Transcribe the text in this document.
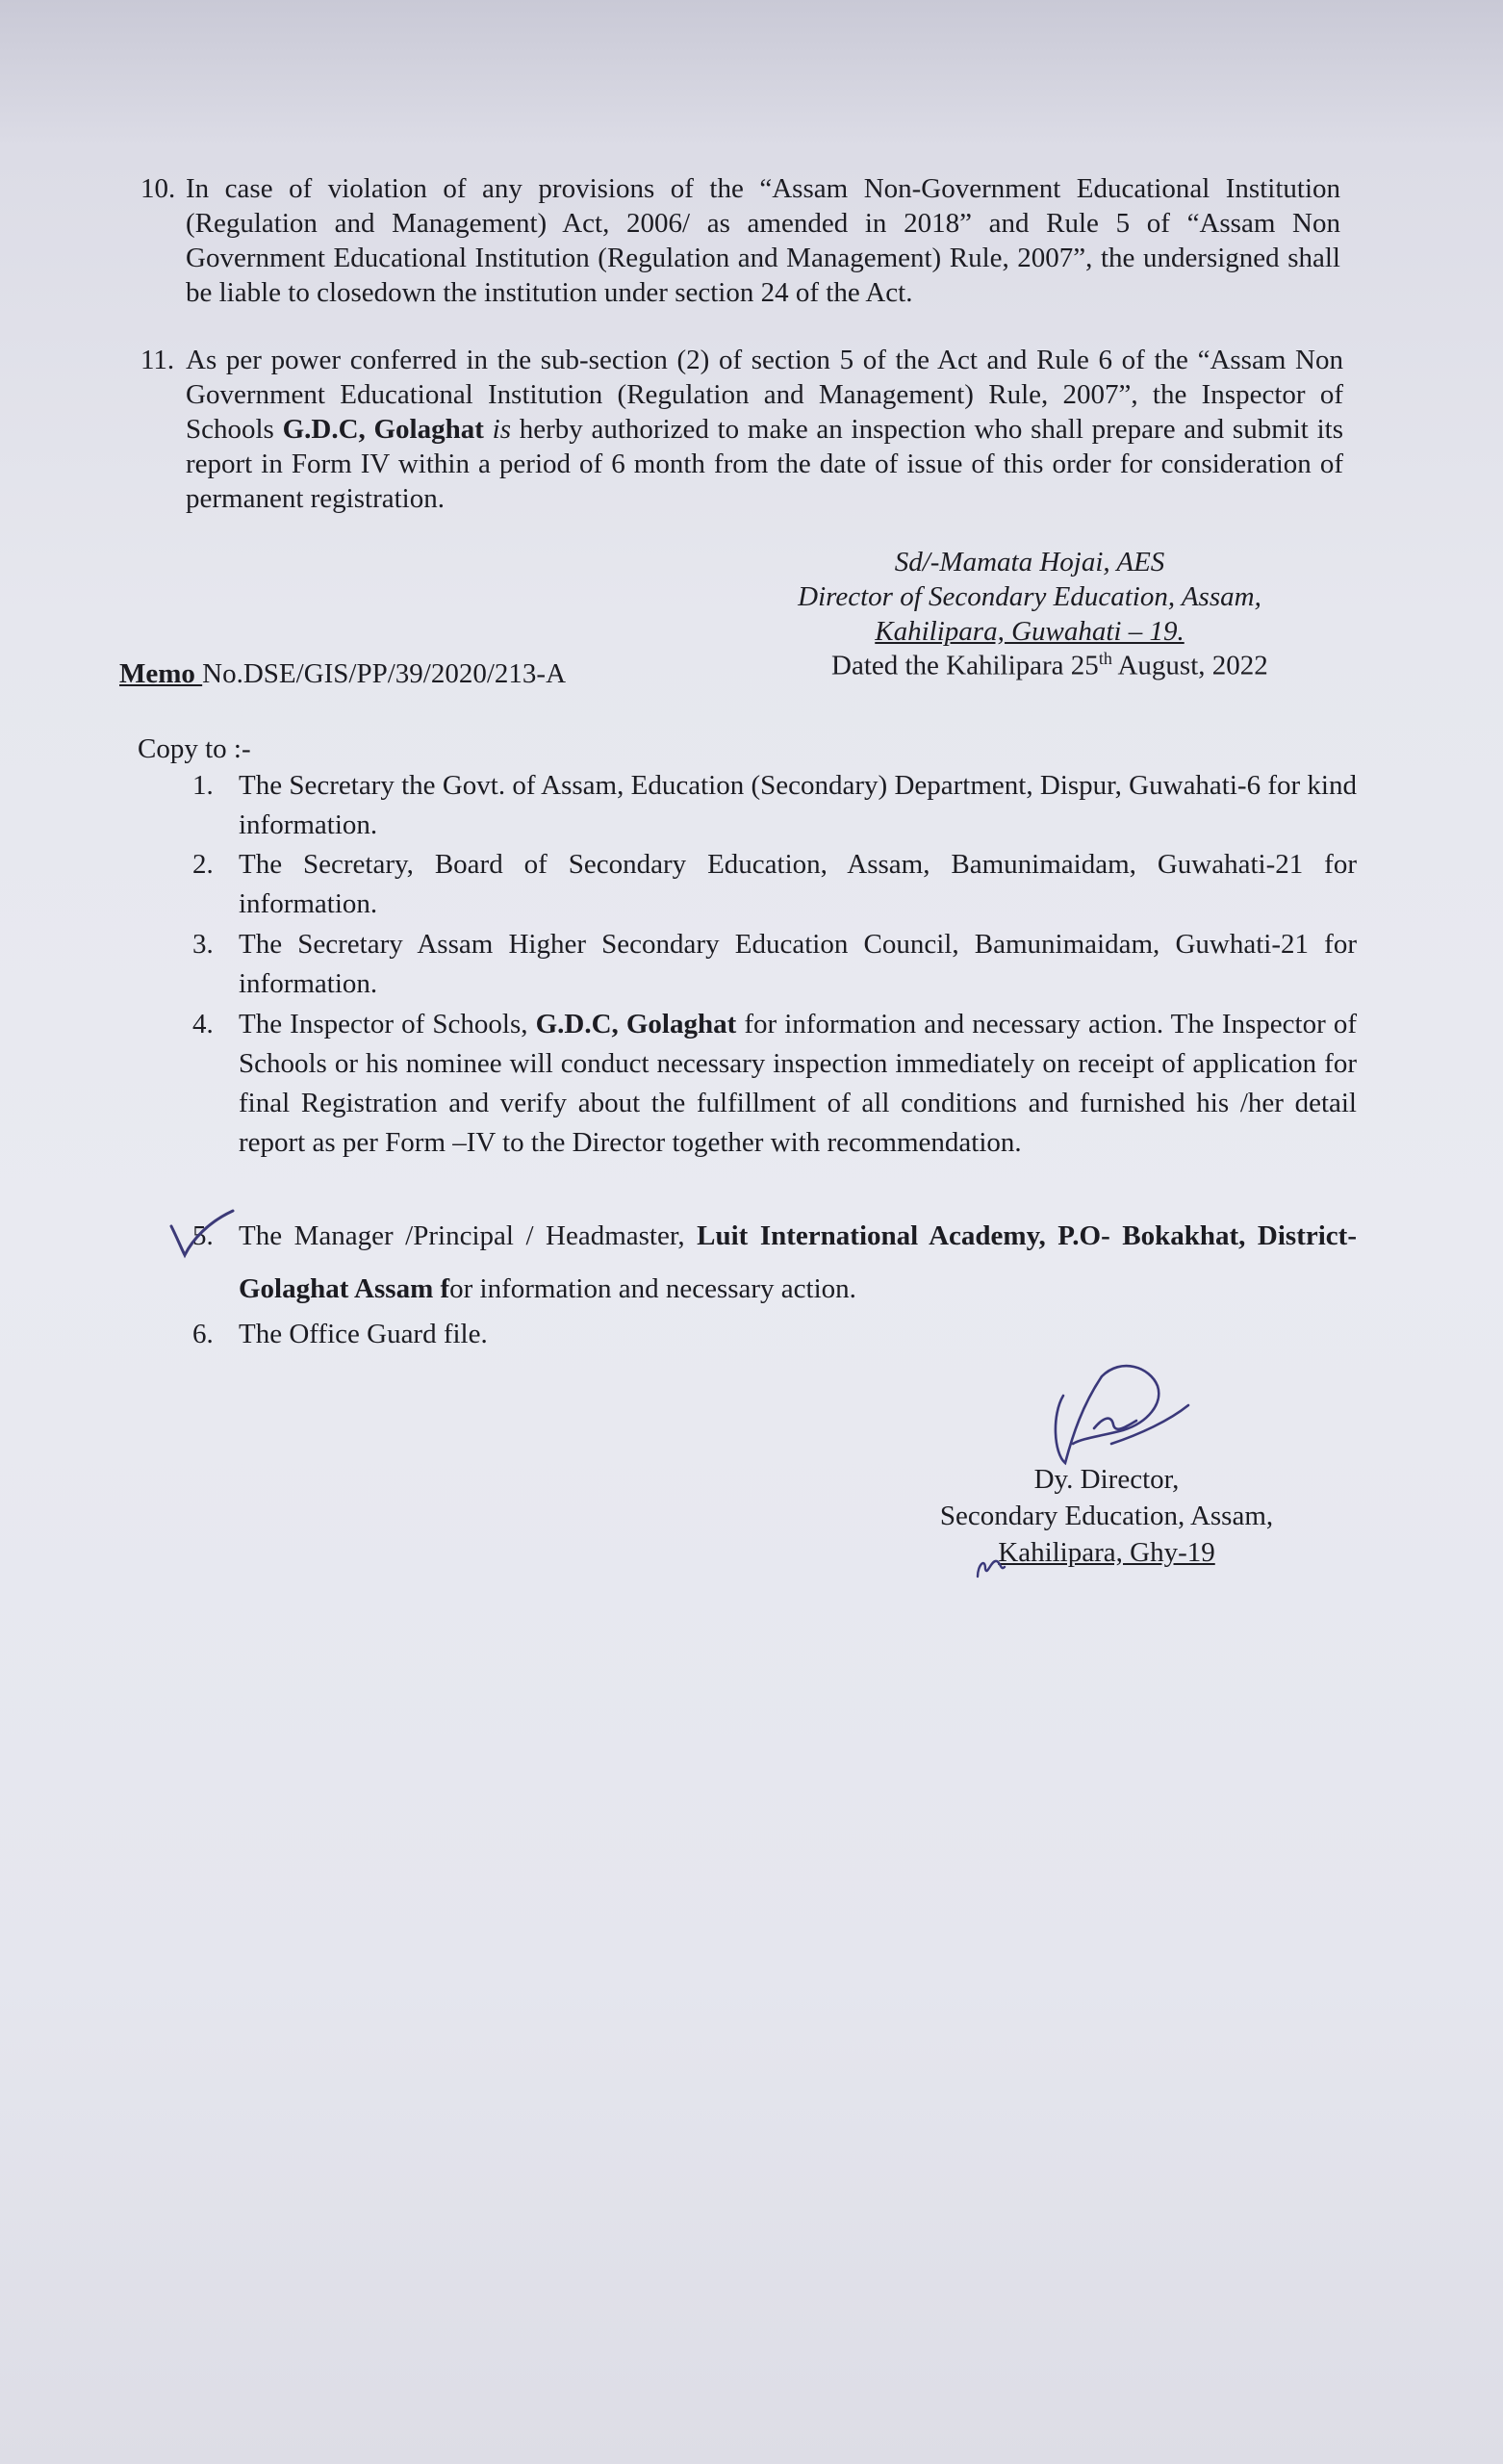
10. In case of violation of any provisions of the “Assam Non-Government Educational Institution (Regulation and Management) Act, 2006/ as amended in 2018” and Rule 5 of “Assam Non Government Educational Institution (Regulation and Management) Rule, 2007”, the undersigned shall be liable to closedown the institution under section 24 of the Act.
11. As per power conferred in the sub-section (2) of section 5 of the Act and Rule 6 of the “Assam Non Government Educational Institution (Regulation and Management) Rule, 2007”, the Inspector of Schools G.D.C, Golaghat is herby authorized to make an inspection who shall prepare and submit its report in Form IV within a period of 6 month from the date of issue of this order for consideration of permanent registration.
Sd/-Mamata Hojai, AES
Director of Secondary Education, Assam,
Kahilipara, Guwahati – 19.
Memo No.DSE/GIS/PP/39/2020/213-A	Dated the Kahilipara 25th August, 2022
Copy to :-
1. The Secretary the Govt. of Assam, Education (Secondary) Department, Dispur, Guwahati-6 for kind information.
2. The Secretary, Board of Secondary Education, Assam, Bamunimaidam, Guwahati-21 for information.
3. The Secretary Assam Higher Secondary Education Council, Bamunimaidam, Guwhati-21 for information.
4. The Inspector of Schools, G.D.C, Golaghat for information and necessary action. The Inspector of Schools or his nominee will conduct necessary inspection immediately on receipt of application for final Registration and verify about the fulfillment of all conditions and furnished his /her detail report as per Form –IV to the Director together with recommendation.
5. The Manager /Principal / Headmaster, Luit International Academy, P.O- Bokakhat, District- Golaghat Assam for information and necessary action.
6. The Office Guard file.
Dy. Director,
Secondary Education, Assam,
Kahilipara, Ghy-19
